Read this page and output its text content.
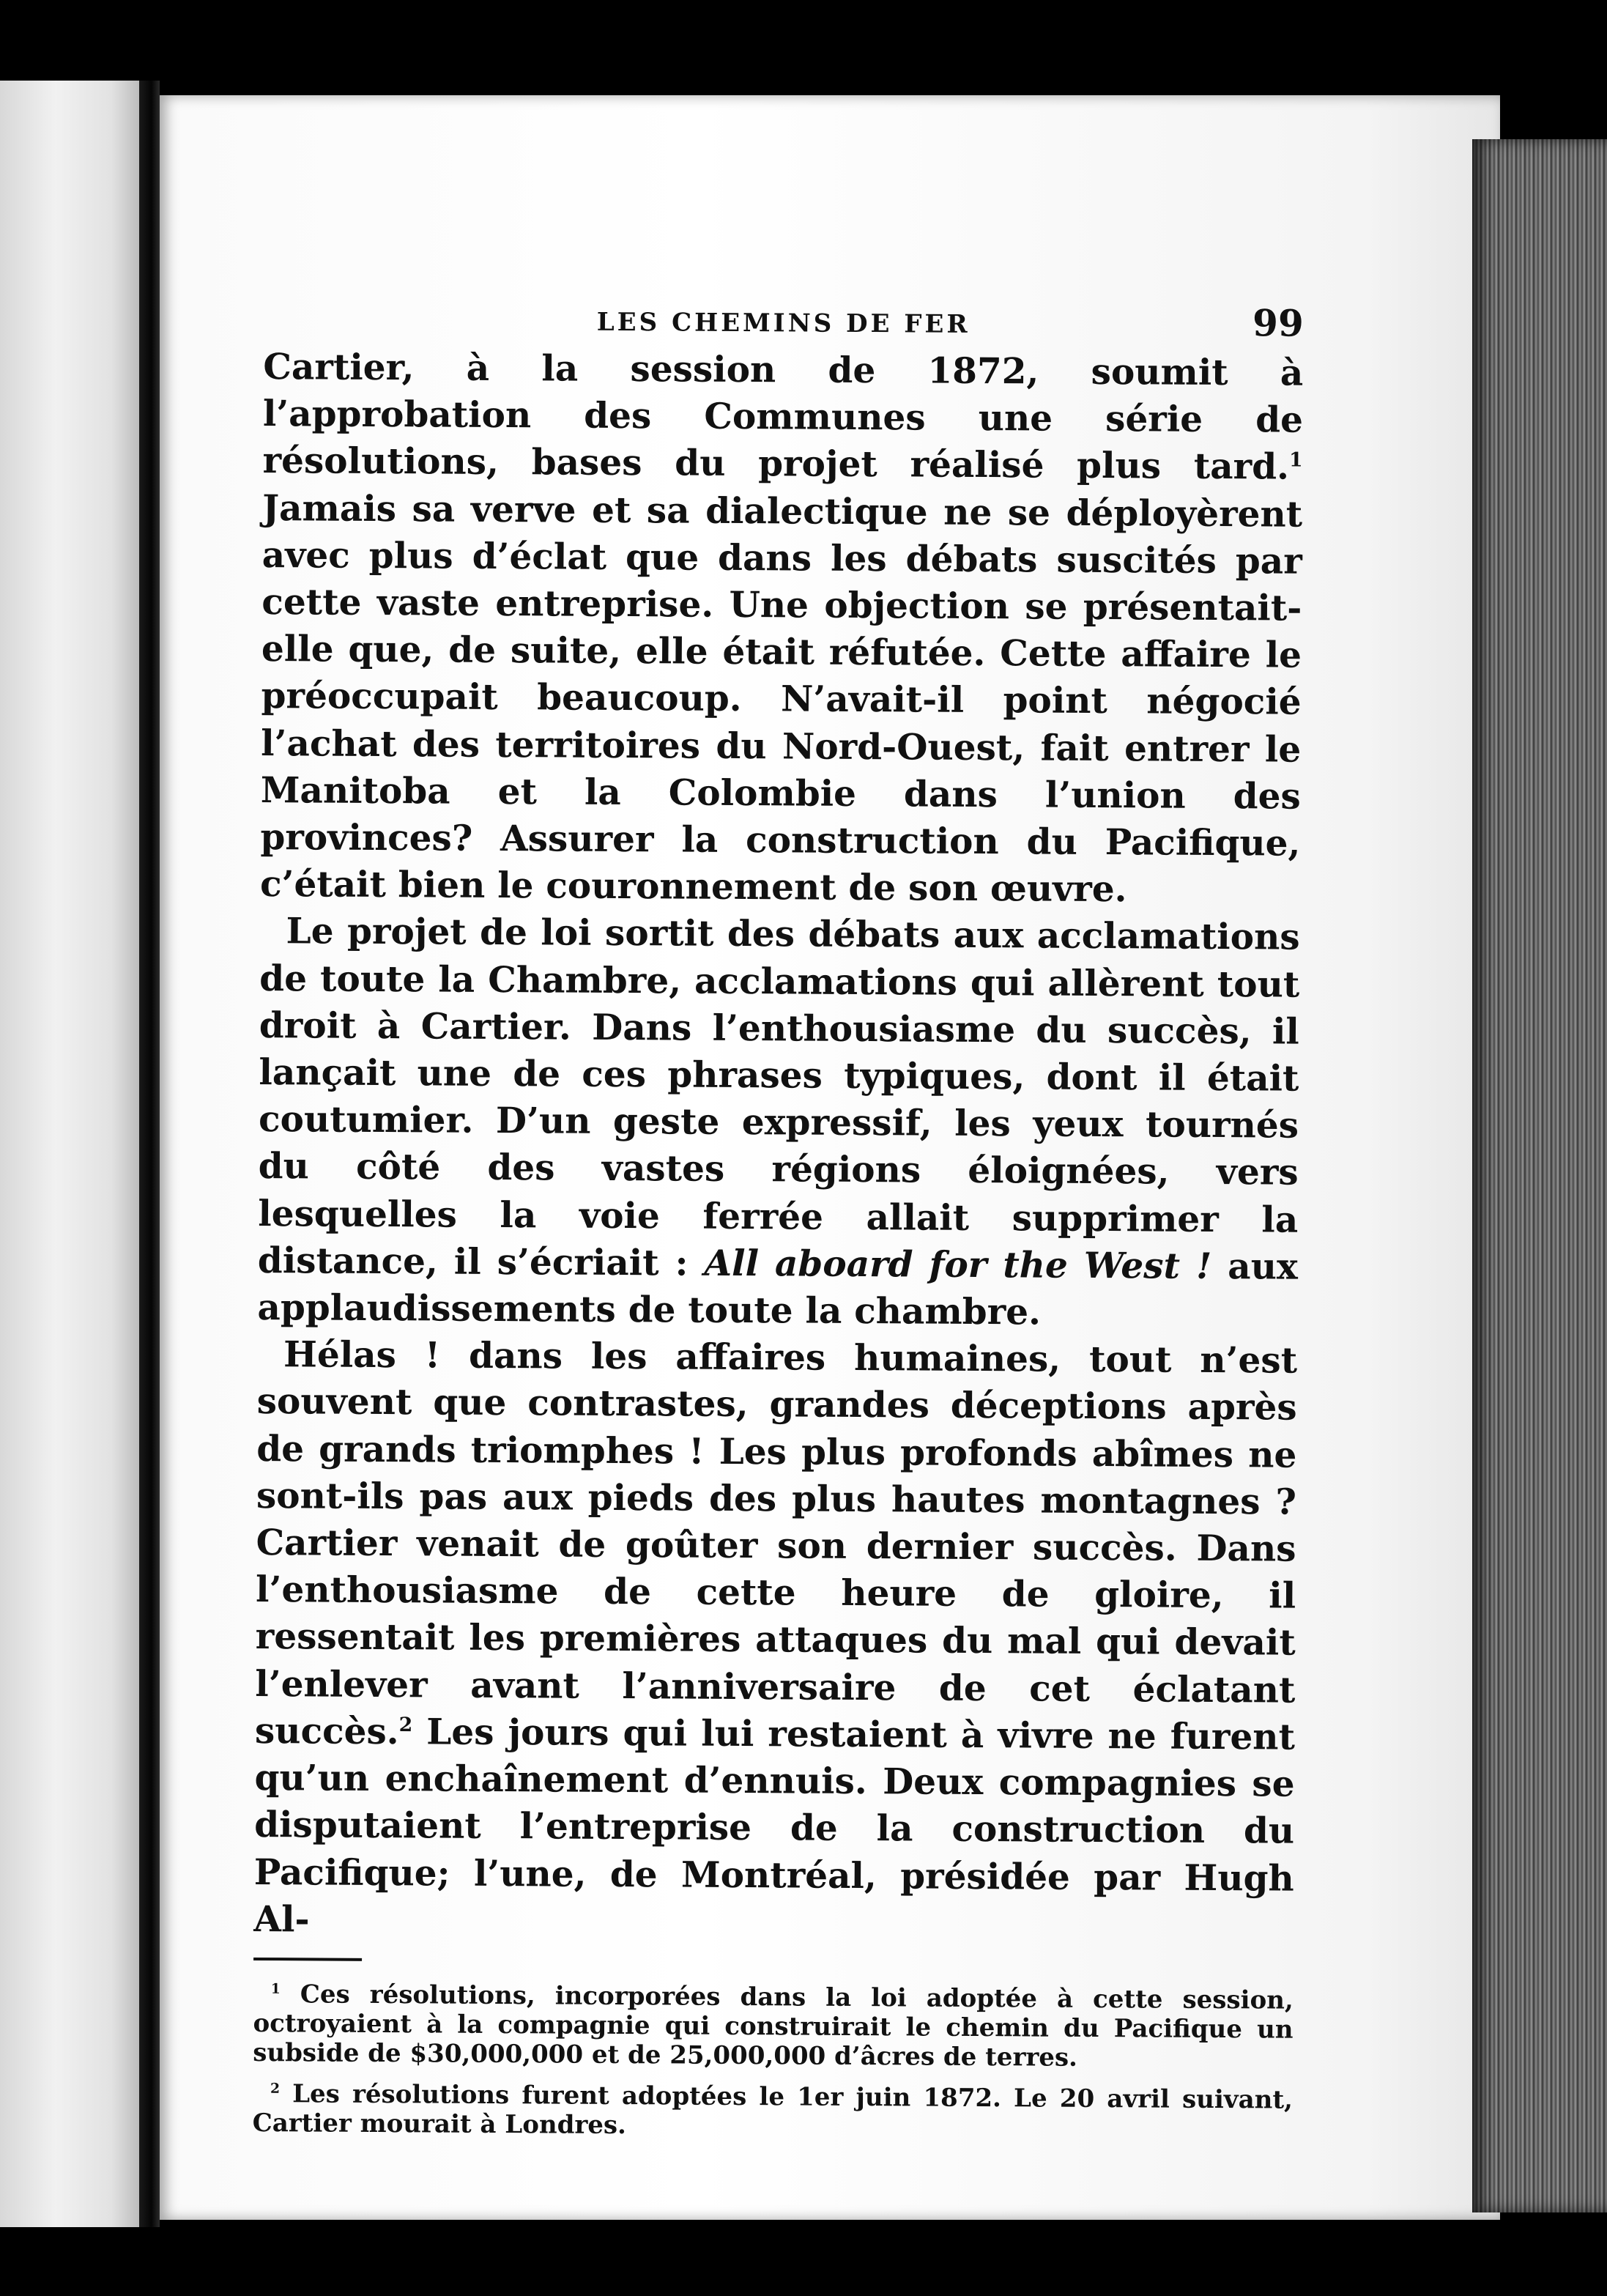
LES CHEMINS DE FER	99

Cartier, à la session de 1872, soumit à l’approbation des Communes une série de résolutions, bases du projet réalisé plus tard.$^1$ Jamais sa verve et sa dialectique ne se déployèrent avec plus d’éclat que dans les débats suscités par cette vaste entreprise. Une objection se présentait-elle que, de suite, elle était réfutée. Cette affaire le préoccupait beaucoup. N’avait-il point négocié l’achat des territoires du Nord-Ouest, fait entrer le Manitoba et la Colombie dans l’union des provinces? Assurer la construction du Pacifique, c’était bien le couronnement de son œuvre.

Le projet de loi sortit des débats aux acclamations de toute la Chambre, acclamations qui allèrent tout droit à Cartier. Dans l’enthousiasme du succès, il lançait une de ces phrases typiques, dont il était coutumier. D’un geste expressif, les yeux tournés du côté des vastes régions éloignées, vers lesquelles la voie ferrée allait supprimer la distance, il s’écriait : All aboard for the West ! aux applaudissements de toute la chambre.

Hélas ! dans les affaires humaines, tout n’est souvent que contrastes, grandes déceptions après de grands triomphes ! Les plus profonds abîmes ne sont-ils pas aux pieds des plus hautes montagnes ? Cartier venait de goûter son dernier succès. Dans l’enthousiasme de cette heure de gloire, il ressentait les premières attaques du mal qui devait l’enlever avant l’anniversaire de cet éclatant succès.$^2$ Les jours qui lui restaient à vivre ne furent qu’un enchaînement d’ennuis. Deux compagnies se disputaient l’entreprise de la construction du Pacifique; l’une, de Montréal, présidée par Hugh Al-

$^1$ Ces résolutions, incorporées dans la loi adoptée à cette session, octroyaient à la compagnie qui construirait le chemin du Pacifique un subside de $30,000,000 et de 25,000,000 d’âcres de terres.

$^2$ Les résolutions furent adoptées le 1er juin 1872. Le 20 avril suivant, Cartier mourait à Londres.
